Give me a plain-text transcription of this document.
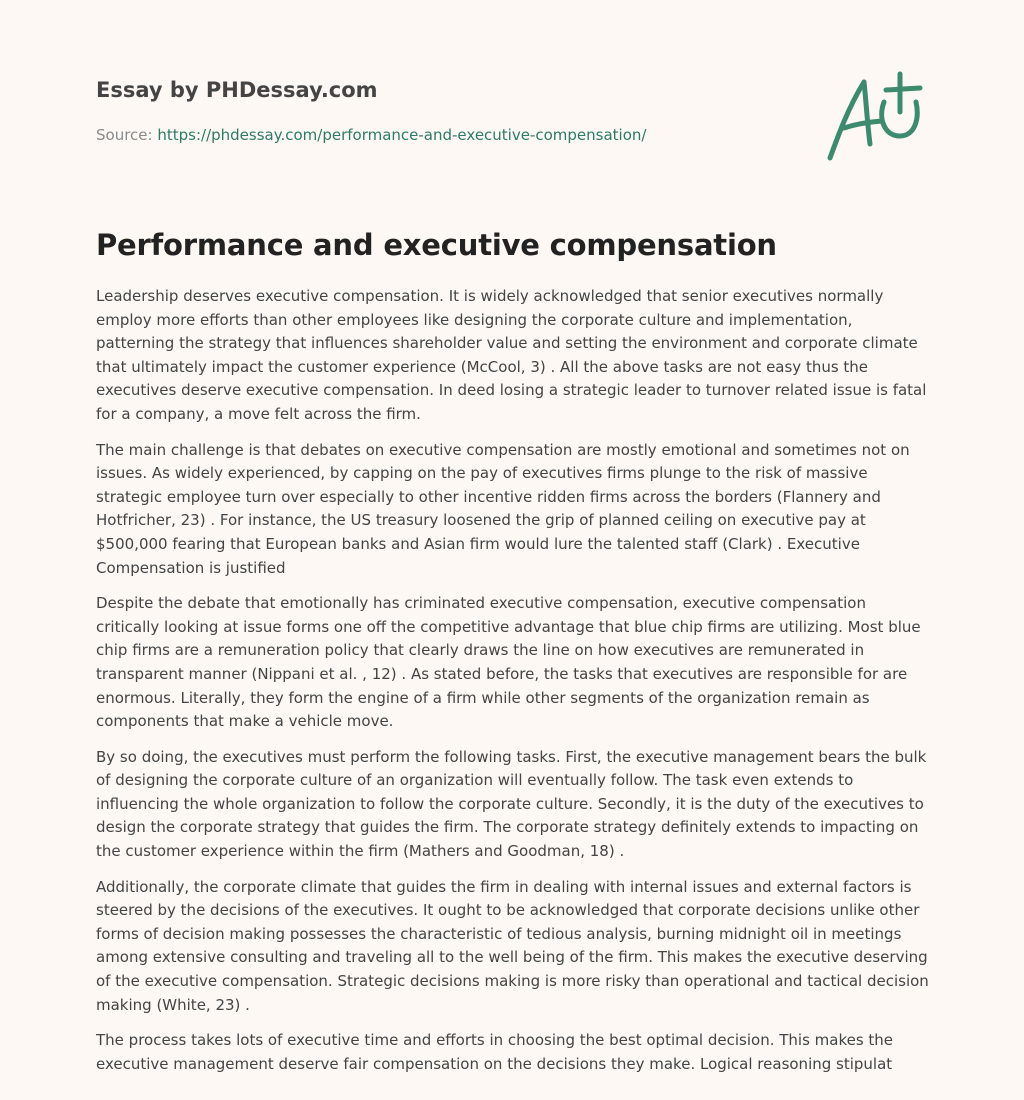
Essay by PHDessay.com
Source: https://phdessay.com/performance-and-executive-compensation/
Performance and executive compensation

Leadership deserves executive compensation. It is widely acknowledged that senior executives normally employ more efforts than other employees like designing the corporate culture and implementation, patterning the strategy that influences shareholder value and setting the environment and corporate climate that ultimately impact the customer experience (McCool, 3) . All the above tasks are not easy thus the executives deserve executive compensation. In deed losing a strategic leader to turnover related issue is fatal for a company, a move felt across the firm.

The main challenge is that debates on executive compensation are mostly emotional and sometimes not on issues. As widely experienced, by capping on the pay of executives firms plunge to the risk of massive strategic employee turn over especially to other incentive ridden firms across the borders (Flannery and Hotfricher, 23) . For instance, the US treasury loosened the grip of planned ceiling on executive pay at $500,000 fearing that European banks and Asian firm would lure the talented staff (Clark) . Executive Compensation is justified

Despite the debate that emotionally has criminated executive compensation, executive compensation critically looking at issue forms one off the competitive advantage that blue chip firms are utilizing. Most blue chip firms are a remuneration policy that clearly draws the line on how executives are remunerated in transparent manner (Nippani et al. , 12) . As stated before, the tasks that executives are responsible for are enormous. Literally, they form the engine of a firm while other segments of the organization remain as components that make a vehicle move.

By so doing, the executives must perform the following tasks. First, the executive management bears the bulk of designing the corporate culture of an organization will eventually follow. The task even extends to influencing the whole organization to follow the corporate culture. Secondly, it is the duty of the executives to design the corporate strategy that guides the firm. The corporate strategy definitely extends to impacting on the customer experience within the firm (Mathers and Goodman, 18) .

Additionally, the corporate climate that guides the firm in dealing with internal issues and external factors is steered by the decisions of the executives. It ought to be acknowledged that corporate decisions unlike other forms of decision making possesses the characteristic of tedious analysis, burning midnight oil in meetings among extensive consulting and traveling all to the well being of the firm. This makes the executive deserving of the executive compensation. Strategic decisions making is more risky than operational and tactical decision making (White, 23) .

The process takes lots of executive time and efforts in choosing the best optimal decision. This makes the executive management deserve fair compensation on the decisions they make. Logical reasoning stipulat
